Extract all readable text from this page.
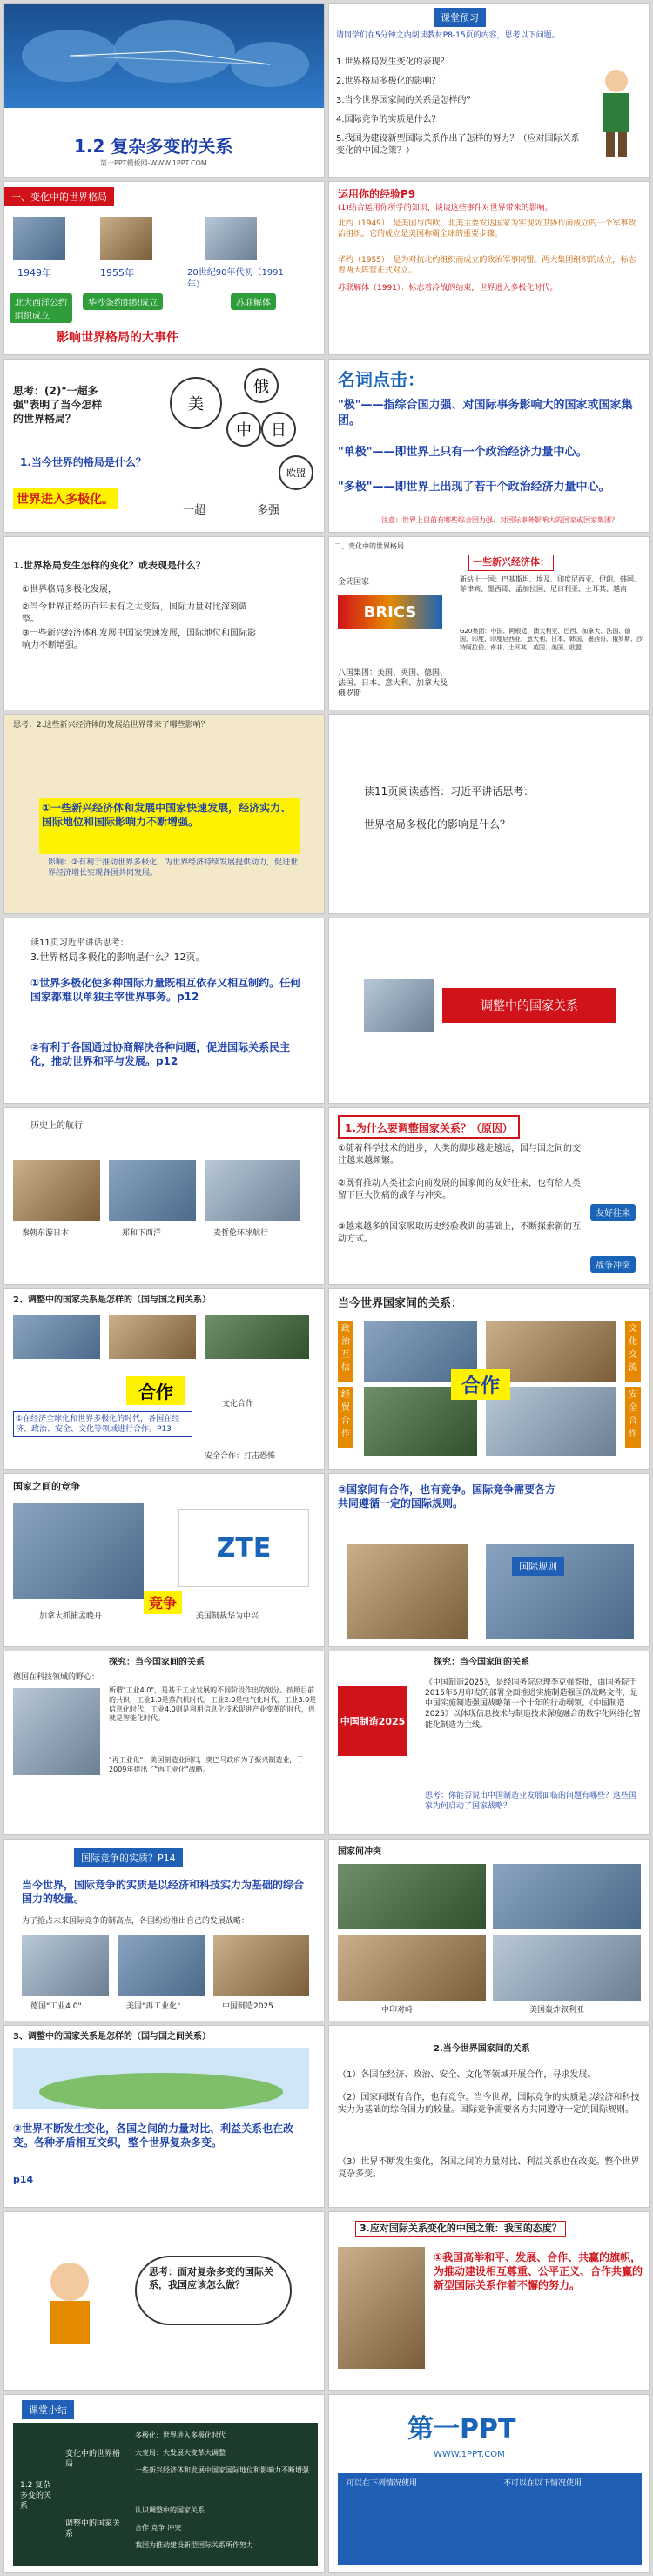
1.2 复杂多变的关系
第一PPT模板网-WWW.1PPT.COM
课堂预习
请同学们在5分钟之内阅读教材P8-15页的内容，思考以下问题。
1.世界格局发生变化的表现？
2.世界格局多极化的影响？
3.当今世界国家间的关系是怎样的？
4.国际竞争的实质是什么？
5.我国为建设新型国际关系作出了怎样的努力？（应对国际关系变化的中国之策？）
一、变化中的世界格局
1949年	1955年	20世纪90年代初（1991年）
北大西洋公约组织成立
华沙条约组织成立	苏联解体
影响世界格局的大事件
运用你的经验P9
(1)结合运用你所学的知识，谈谈这些事件对世界带来的影响。
北约（1949）：是美国与西欧、北美主要发达国家为实现防卫协作而成立的一个军事政治组织。它的成立是美国称霸全球的重要步骤。
华约（1955）：是为对抗北约组织而成立的政治军事同盟。两大集团组织的成立，标志着两大阵营正式对立。
苏联解体（1991）：标志着冷战的结束，世界进入多极化时代。
思考：(2)"一超多强"表明了当今怎样的世界格局？
1.当今世界的格局是什么？
世界进入多极化。
美
俄
中	日
欧盟
一超	多强
名词点击：
"极"——指综合国力强、对国际事务影响大的国家或国家集团。
"单极"——即世界上只有一个政治经济力量中心。
"多极"——即世界上出现了若干个政治经济力量中心。
注意：世界上目前有哪些综合国力强、对国际事务影响大的国家或国家集团？
1.世界格局发生怎样的变化？或表现是什么？
①世界格局多极化发展，
②当今世界正经历百年未有之大变局，国际力量对比深刻调整。
③一些新兴经济体和发展中国家快速发展，国际地位和国际影响力不断增强。
二、变化中的世界格局
一些新兴经济体：
金砖国家
BRICS
新钻十一国：巴基斯坦、埃及、印度尼西亚、伊朗、韩国、菲律宾、墨西哥、孟加拉国、尼日利亚、土耳其、越南
G20集团：中国、阿根廷、澳大利亚、巴西、加拿大、法国、德国、印度、印度尼西亚、意大利、日本、韩国、墨西哥、俄罗斯、沙特阿拉伯、南非、土耳其、英国、美国、欧盟
八国集团：美国、英国、德国、法国、日本、意大利、加拿大及俄罗斯
思考：2.这些新兴经济体的发展给世界带来了哪些影响？
①一些新兴经济体和发展中国家快速发展，经济实力、国际地位和国际影响力不断增强。
影响：②有利于推动世界多极化，为世界经济持续发展提供动力，促进世界经济增长实现各国共同发展。
读11页阅读感悟：习近平讲话思考：
世界格局多极化的影响是什么？
读11页习近平讲话思考：
3.世界格局多极化的影响是什么？12页。
①世界多极化使多种国际力量既相互依存又相互制约。任何国家都难以单独主宰世界事务。p12
②有利于各国通过协商解决各种问题，促进国际关系民主化，推动世界和平与发展。p12
调整中的国家关系
历史上的航行
秦朝东游日本	郑和下西洋	麦哲伦环球航行
1.为什么要调整国家关系？（原因）
①随着科学技术的进步，人类的脚步越走越远，国与国之间的交往越来越频繁。
②既有推动人类社会向前发展的国家间的友好往来，也有给人类留下巨大伤痛的战争与冲突。
③越来越多的国家吸取历史经验教训的基础上，不断探索新的互动方式。
友好往来
战争冲突
2、调整中的国家关系是怎样的（国与国之间关系）
合作
①在经济全球化和世界多极化的时代，各国在经济、政治、安全、文化等领域进行合作。P13
文化合作
安全合作：打击恐怖
当今世界国家间的关系：
政治互信
经贸合作
文化交流
安全合作
合作
国家之间的竞争
ZTE
竞争
加拿大抓捕孟晚舟	美国制裁华为中兴
②国家间有合作，也有竞争。国际竞争需要各方共同遵循一定的国际规则。
国际规则
探究：当今国家间的关系
德国在科技领域的野心：
所谓"工业4.0"，是基于工业发展的不同阶段作出的划分。按照目前的共识，工业1.0是蒸汽机时代，工业2.0是电气化时代，工业3.0是信息化时代，工业4.0则是利用信息化技术促进产业变革的时代，也就是智能化时代。
"再工业化"：美国制造业回归，奥巴马政府为了振兴制造业，于2009年提出了"再工业化"战略。
探究：当今国家间的关系
中国制造2025
《中国制造2025》，是经国务院总理李克强签批，由国务院于2015年5月印发的部署全面推进实施制造强国的战略文件，是中国实施制造强国战略第一个十年的行动纲领。《中国制造2025》以体现信息技术与制造技术深度融合的数字化网络化智能化制造为主线。
思考：你能否说出中国制造业发展面临的问题有哪些？这些国家为何启动了国家战略？
国际竞争的实质？P14
当今世界，国际竞争的实质是以经济和科技实力为基础的综合国力的较量。
为了抢占未来国际竞争的制高点，各国纷纷推出自己的发展战略：
德国"工业4.0"	美国"再工业化"	中国制造2025
国家间冲突
中印对峙	美国轰炸叙利亚
3、调整中的国家关系是怎样的（国与国之间关系）
③世界不断发生变化，各国之间的力量对比、利益关系也在改变。各种矛盾相互交织，整个世界复杂多变。
p14
2.当今世界国家间的关系
（1）各国在经济、政治、安全、文化等领域开展合作，寻求发展。
（2）国家间既有合作，也有竞争。当今世界，国际竞争的实质是以经济和科技实力为基础的综合国力的较量。国际竞争需要各方共同遵守一定的国际规则。
（3）世界不断发生变化，各国之间的力量对比、利益关系也在改变。整个世界复杂多变。
思考：面对复杂多变的国际关系，我国应该怎么做？
3.应对国际关系变化的中国之策：我国的态度？
①我国高举和平、发展、合作、共赢的旗帜，为推动建设相互尊重、公平正义、合作共赢的新型国际关系作着不懈的努力。
课堂小结
1.2 复杂多变的关系
变化中的世界格局
调整中的国家关系
多极化：世界进入多极化时代
大变局：大发展大变革大调整
一些新兴经济体和发展中国家国际地位和影响力不断增强
认识调整中的国家关系
合作 竞争 冲突
我国为推动建设新型国际关系所作努力
第一PPT
WWW.1PPT.COM
可以在下列情况使用	不可以在以下情况使用
